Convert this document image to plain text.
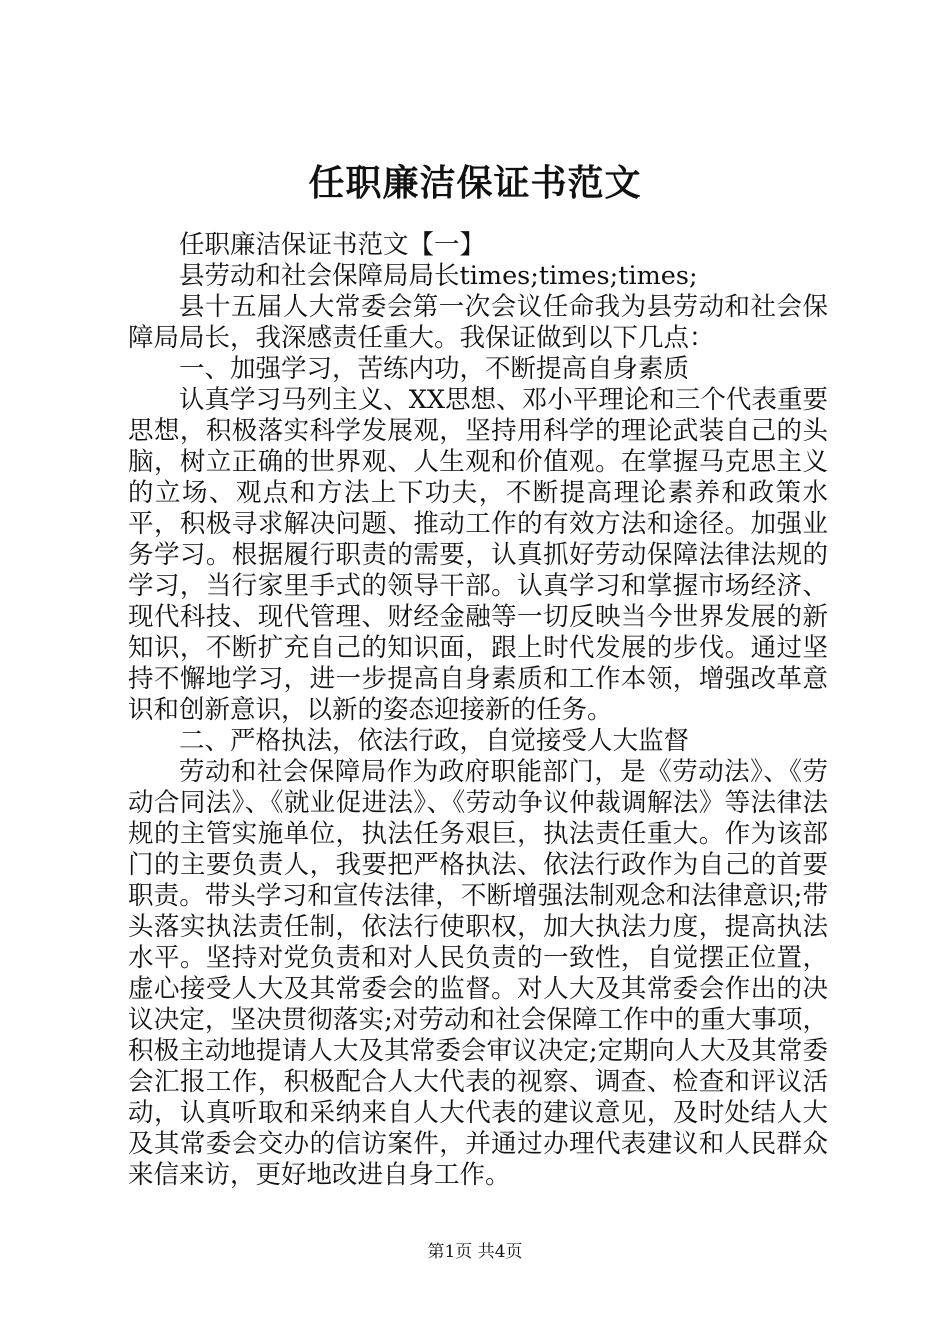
任职廉洁保证书范文

任职廉洁保证书范文【一】

县劳动和社会保障局局长times;times;times;

县十五届人大常委会第一次会议任命我为县劳动和社会保障局局长，我深感责任重大。我保证做到以下几点：

一、加强学习，苦练内功，不断提高自身素质

认真学习马列主义、XX思想、邓小平理论和三个代表重要思想，积极落实科学发展观，坚持用科学的理论武装自己的头脑，树立正确的世界观、人生观和价值观。在掌握马克思主义的立场、观点和方法上下功夫，不断提高理论素养和政策水平，积极寻求解决问题、推动工作的有效方法和途径。加强业务学习。根据履行职责的需要，认真抓好劳动保障法律法规的学习，当行家里手式的领导干部。认真学习和掌握市场经济、现代科技、现代管理、财经金融等一切反映当今世界发展的新知识，不断扩充自己的知识面，跟上时代发展的步伐。通过坚持不懈地学习，进一步提高自身素质和工作本领，增强改革意识和创新意识，以新的姿态迎接新的任务。

二、严格执法，依法行政，自觉接受人大监督

劳动和社会保障局作为政府职能部门，是《劳动法》、《劳动合同法》、《就业促进法》、《劳动争议仲裁调解法》等法律法规的主管实施单位，执法任务艰巨，执法责任重大。作为该部门的主要负责人，我要把严格执法、依法行政作为自己的首要职责。带头学习和宣传法律，不断增强法制观念和法律意识;带头落实执法责任制，依法行使职权，加大执法力度，提高执法水平。坚持对党负责和对人民负责的一致性，自觉摆正位置，虚心接受人大及其常委会的监督。对人大及其常委会作出的决议决定，坚决贯彻落实;对劳动和社会保障工作中的重大事项，积极主动地提请人大及其常委会审议决定;定期向人大及其常委会汇报工作，积极配合人大代表的视察、调查、检查和评议活动，认真听取和采纳来自人大代表的建议意见，及时处结人大及其常委会交办的信访案件，并通过办理代表建议和人民群众来信来访，更好地改进自身工作。

第1页 共4页
